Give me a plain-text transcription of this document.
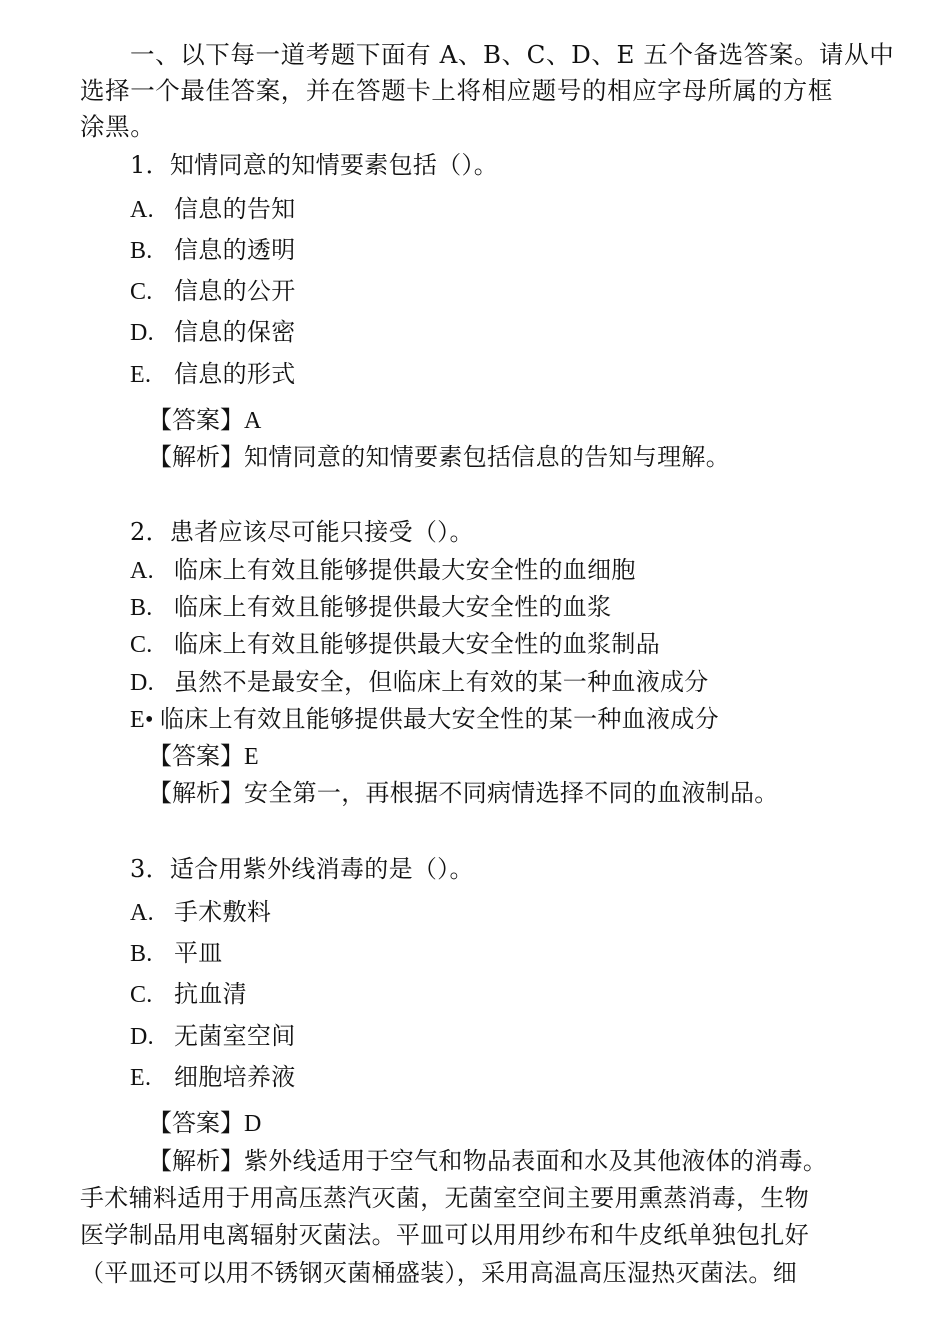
一、以下每一道考题下面有 A、B、C、D、E 五个备选答案。请从中
选择一个最佳答案，并在答题卡上将相应题号的相应字母所属的方框
涂黑。
1．知情同意的知情要素包括（）。
A. 信息的告知
B. 信息的透明
C. 信息的公开
D. 信息的保密
E. 信息的形式
【答案】A
【解析】知情同意的知情要素包括信息的告知与理解。
2．患者应该尽可能只接受（）。
A. 临床上有效且能够提供最大安全性的血细胞
B. 临床上有效且能够提供最大安全性的血浆
C. 临床上有效且能够提供最大安全性的血浆制品
D. 虽然不是最安全，但临床上有效的某一种血液成分
E• 临床上有效且能够提供最大安全性的某一种血液成分
【答案】E
【解析】安全第一，再根据不同病情选择不同的血液制品。
3．适合用紫外线消毒的是（）。
A. 手术敷料
B. 平皿
C. 抗血清
D. 无菌室空间
E. 细胞培养液
【答案】D
【解析】紫外线适用于空气和物品表面和水及其他液体的消毒。
手术辅料适用于用高压蒸汽灭菌，无菌室空间主要用熏蒸消毒，生物
医学制品用电离辐射灭菌法。平皿可以用用纱布和牛皮纸单独包扎好
（平皿还可以用不锈钢灭菌桶盛装），采用高温高压湿热灭菌法。细
